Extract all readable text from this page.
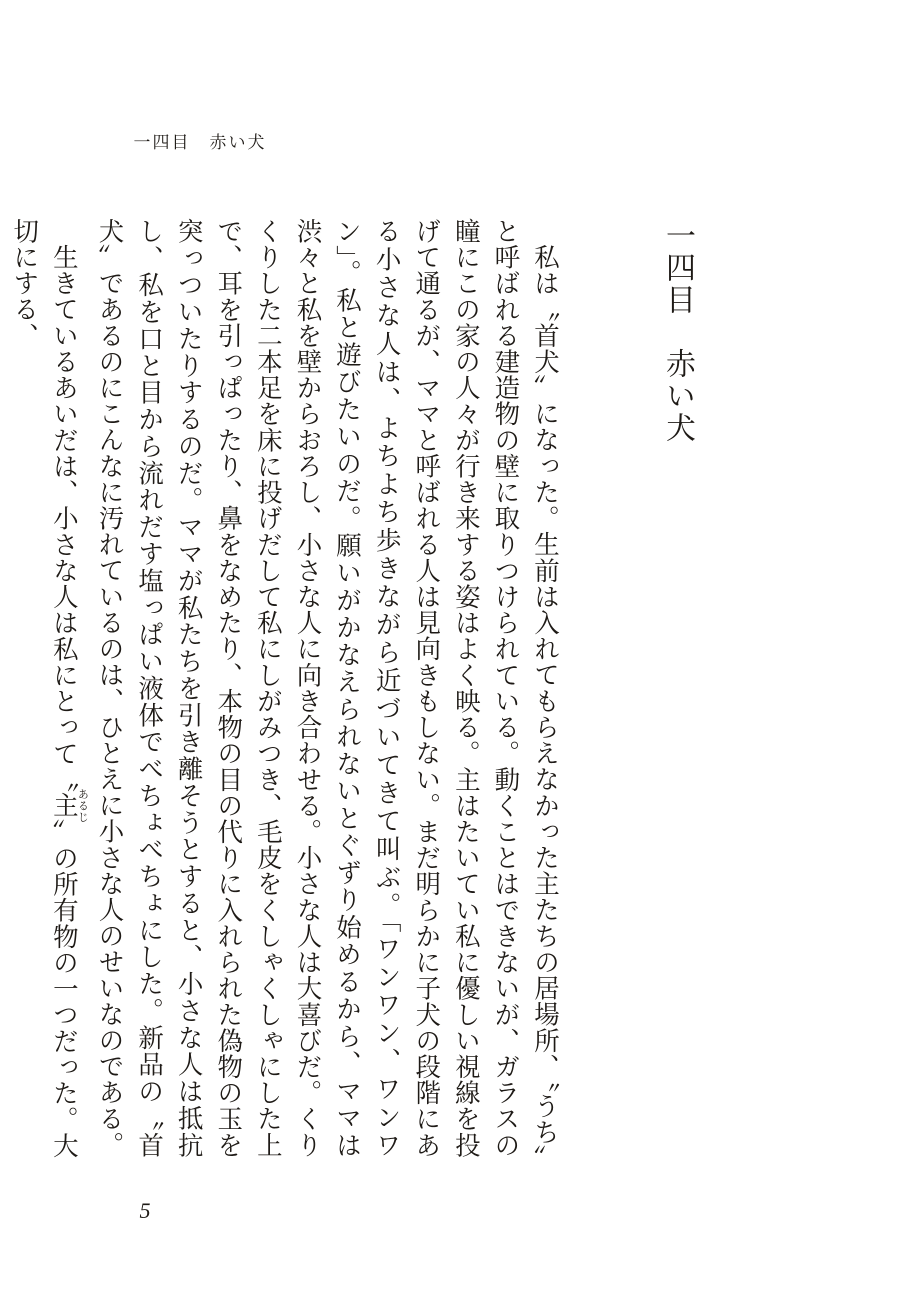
一四目　赤い犬
一四目　赤い犬

私は〝首犬〟になった。生前は入れてもらえなかった主たちの居場所、〝うち〟と呼ばれる建造物の壁に取りつけられている。動くことはできないが、ガラスの瞳にこの家の人々が行き来する姿はよく映る。主はたいてい私に優しい視線を投げて通るが、ママと呼ばれる人は見向きもしない。まだ明らかに子犬の段階にある小さな人は、よちよち歩きながら近づいてきて叫ぶ。「ワンワン、ワンワン」。私と遊びたいのだ。願いがかなえられないとぐずり始めるから、ママは渋々と私を壁からおろし、小さな人に向き合わせる。小さな人は大喜びだ。くりくりした二本足を床に投げだして私にしがみつき、毛皮をくしゃくしゃにした上で、耳を引っぱったり、鼻をなめたり、本物の目の代りに入れられた偽物の玉を突っついたりするのだ。ママが私たちを引き離そうとすると、小さな人は抵抗し、私を口と目から流れだす塩っぱい液体でべちょべちょにした。新品の〝首犬〟であるのにこんなに汚れているのは、ひとえに小さな人のせいなのである。

生きているあいだは、小さな人は私にとって〝主あるじ〟の所有物の一つだった。大切にする、

5
